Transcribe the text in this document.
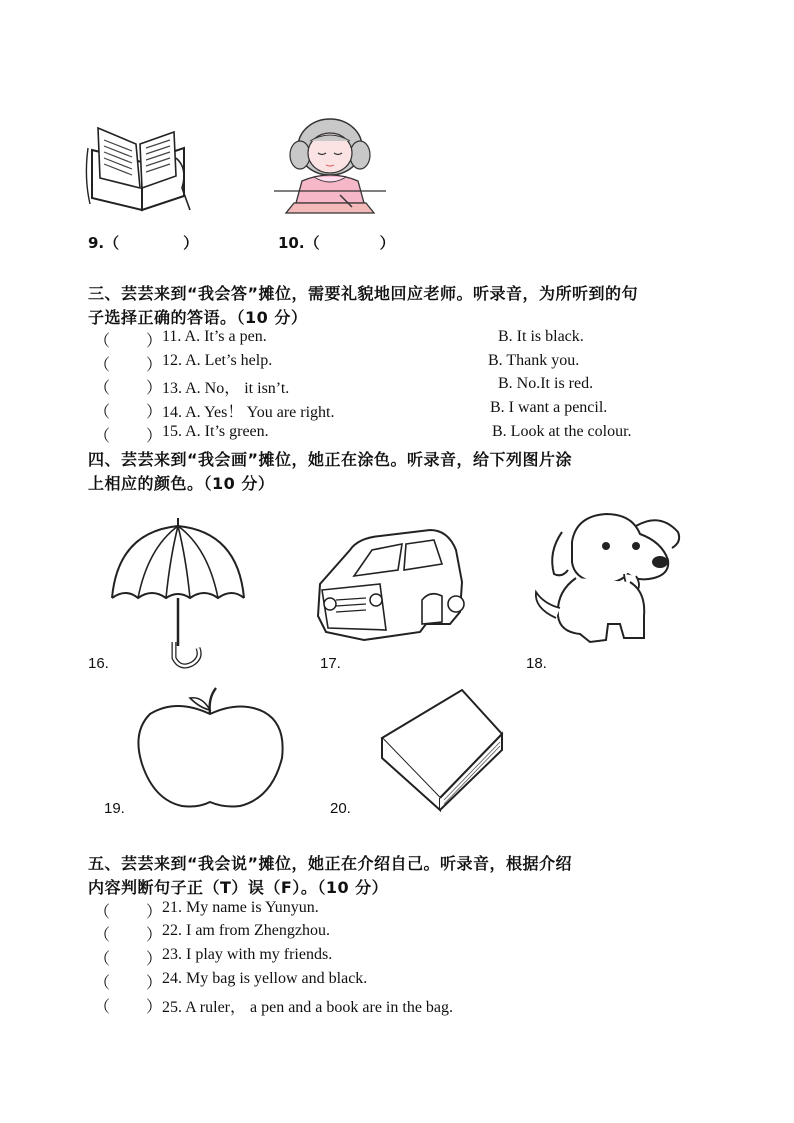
9.（	）	10.（	）
三、芸芸来到“我会答”摊位，需要礼貌地回应老师。听录音，为所听到的句
子选择正确的答语。（10 分）
（ ） 11. A. It’s a pen.	B. It is black.
（ ） 12. A. Let’s help.	B. Thank you.
（ ） 13. A. No， it isn’t.	B. No.It is red.
（ ） 14. A. Yes！ You are right.	B. I want a pencil.
（ ） 15. A. It’s green.	B. Look at the colour.
四、芸芸来到“我会画”摊位，她正在涂色。听录音，给下列图片涂
上相应的颜色。（10 分）
16.	17.	18.
19.	20.
五、芸芸来到“我会说”摊位，她正在介绍自己。听录音，根据介绍
内容判断句子正（T）误（F）。（10 分）
（ ） 21. My name is Yunyun.
（ ） 22. I am from Zhengzhou.
（ ） 23. I play with my friends.
（ ） 24. My bag is yellow and black.
（ ） 25. A ruler， a pen and a book are in the bag.
